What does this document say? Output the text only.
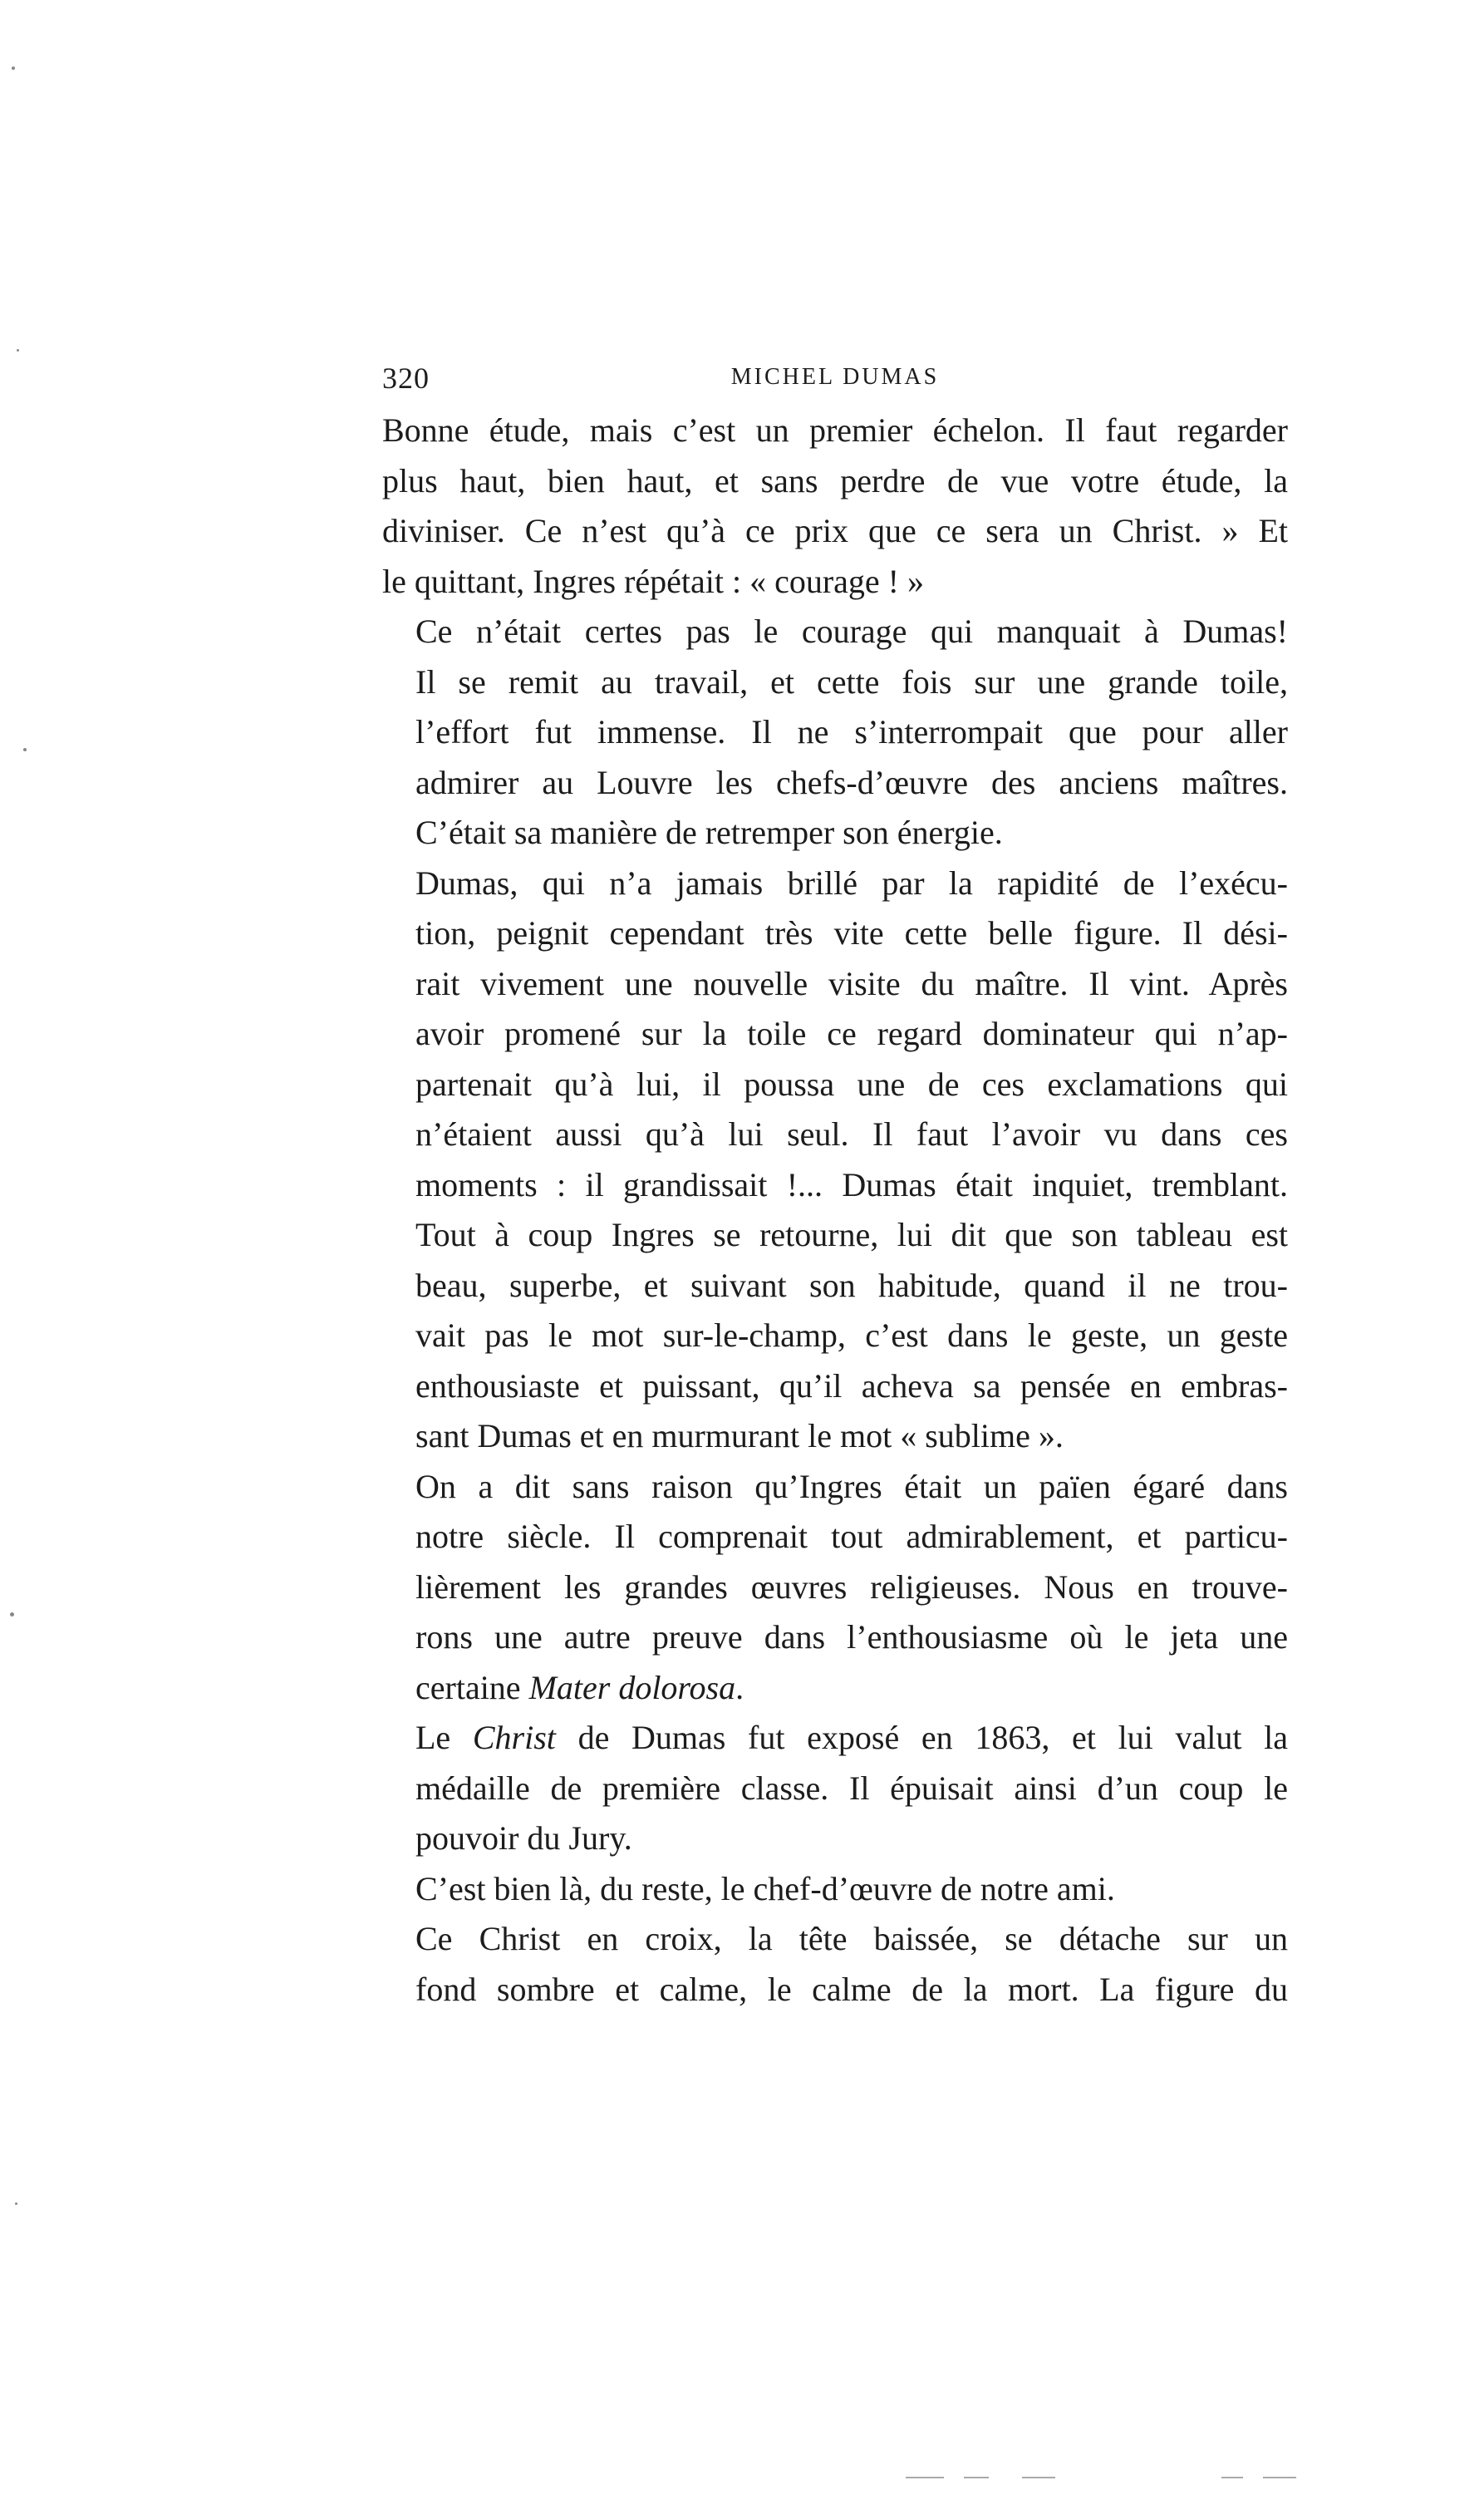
320	MICHEL DUMAS
Bonne étude, mais c’est un premier échelon. Il faut regarder
plus haut, bien haut, et sans perdre de vue votre étude, la
diviniser. Ce n’est qu’à ce prix que ce sera un Christ. » Et
le quittant, Ingres répétait : « courage ! »
Ce n’était certes pas le courage qui manquait à Dumas!
Il se remit au travail, et cette fois sur une grande toile,
l’effort fut immense. Il ne s’interrompait que pour aller
admirer au Louvre les chefs-d’œuvre des anciens maîtres.
C’était sa manière de retremper son énergie.
Dumas, qui n’a jamais brillé par la rapidité de l’exécu-
tion, peignit cependant très vite cette belle figure. Il dési-
rait vivement une nouvelle visite du maître. Il vint. Après
avoir promené sur la toile ce regard dominateur qui n’ap-
partenait qu’à lui, il poussa une de ces exclamations qui
n’étaient aussi qu’à lui seul. Il faut l’avoir vu dans ces
moments : il grandissait !... Dumas était inquiet, tremblant.
Tout à coup Ingres se retourne, lui dit que son tableau est
beau, superbe, et suivant son habitude, quand il ne trou-
vait pas le mot sur-le-champ, c’est dans le geste, un geste
enthousiaste et puissant, qu’il acheva sa pensée en embras-
sant Dumas et en murmurant le mot « sublime ».
On a dit sans raison qu’Ingres était un païen égaré dans
notre siècle. Il comprenait tout admirablement, et particu-
lièrement les grandes œuvres religieuses. Nous en trouve-
rons une autre preuve dans l’enthousiasme où le jeta une
certaine Mater dolorosa.
Le Christ de Dumas fut exposé en 1863, et lui valut la
médaille de première classe. Il épuisait ainsi d’un coup le
pouvoir du Jury.
C’est bien là, du reste, le chef-d’œuvre de notre ami.
Ce Christ en croix, la tête baissée, se détache sur un
fond sombre et calme, le calme de la mort. La figure du
